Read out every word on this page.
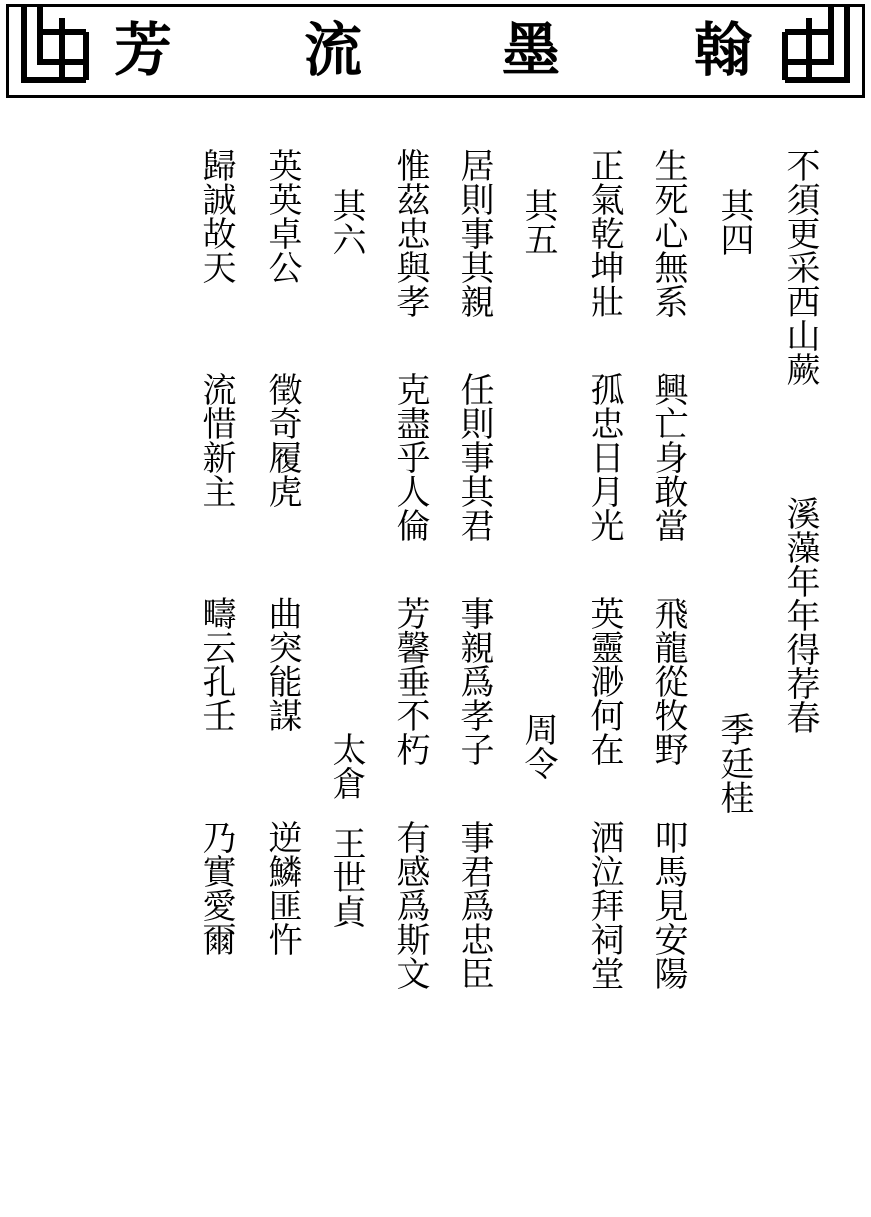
芳 流 墨 翰
不須更采西山蕨
溪藻年年得荐春
其四
季廷桂
生死心無系
興亡身敢當
飛龍從牧野
叩馬見安陽
正氣乾坤壯
孤忠日月光
英靈渺何在
洒泣拜祠堂
其五
周令
居則事其親
任則事其君
事親爲孝子
事君爲忠臣
惟茲忠與孝
克盡乎人倫
芳馨垂不朽
有感爲斯文
其六
太倉
王世貞
英英卓公
徵奇履虎
曲突能謀
逆鱗匪忤
歸誠故天
流惜新主
疇云孔壬
乃實愛爾
